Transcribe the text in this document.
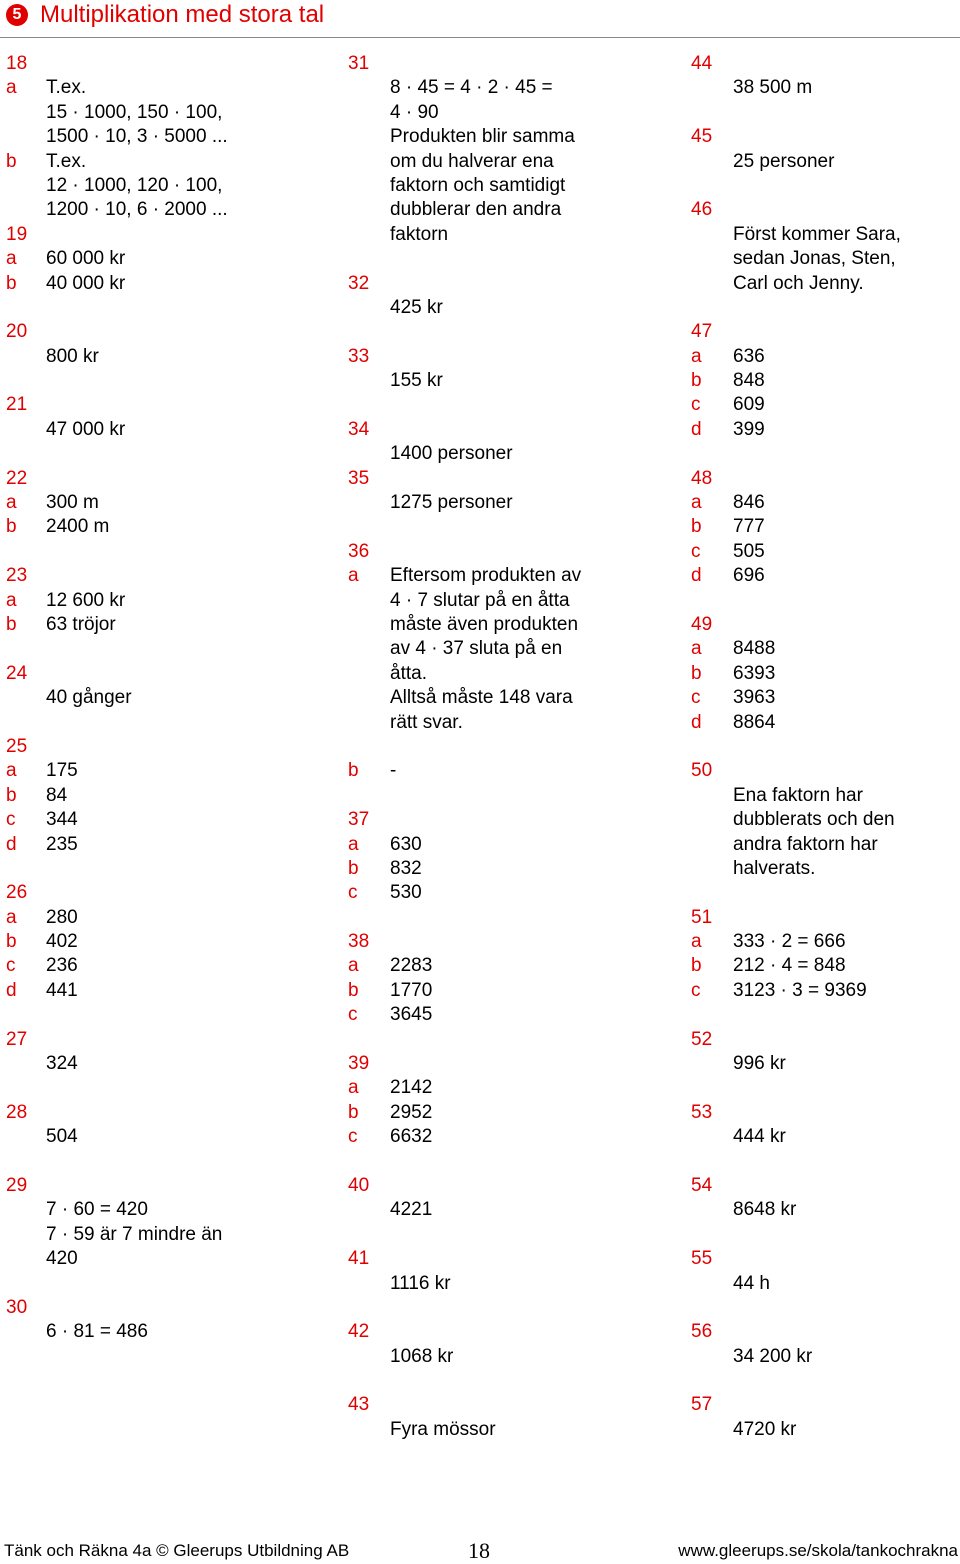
5 Multiplikation med stora tal
18
a T.ex.
15 · 1000, 150 · 100,
1500 · 10, 3 · 5000 ...
b T.ex.
12 · 1000, 120 · 100,
1200 · 10, 6 · 2000 ...
19
a 60 000 kr
b 40 000 kr
20
800 kr
21
47 000 kr
22
a 300 m
b 2400 m
23
a 12 600 kr
b 63 tröjor
24
40 gånger
25
a 175
b 84
c 344
d 235
26
a 280
b 402
c 236
d 441
27
324
28
504
29
7 · 60 = 420
7 · 59 är 7 mindre än
420
30
6 · 81 = 486
31
8 · 45 = 4 · 2 · 45 =
4 · 90
Produkten blir samma
om du halverar ena
faktorn och samtidigt
dubblerar den andra
faktorn
32
425 kr
33
155 kr
34
1400 personer
35
1275 personer
36
a Eftersom produkten av
4 · 7 slutar på en åtta
måste även produkten
av 4 · 37 sluta på en
åtta.
Alltså måste 148 vara
rätt svar.
b -
37
a 630
b 832
c 530
38
a 2283
b 1770
c 3645
39
a 2142
b 2952
c 6632
40
4221
41
1116 kr
42
1068 kr
43
Fyra mössor
44
38 500 m
45
25 personer
46
Först kommer Sara,
sedan Jonas, Sten,
Carl och Jenny.
47
a 636
b 848
c 609
d 399
48
a 846
b 777
c 505
d 696
49
a 8488
b 6393
c 3963
d 8864
50
Ena faktorn har
dubblerats och den
andra faktorn har
halverats.
51
a 333 · 2 = 666
b 212 · 4 = 848
c 3123 · 3 = 9369
52
996 kr
53
444 kr
54
8648 kr
55
44 h
56
34 200 kr
57
4720 kr
Tänk och Räkna 4a © Gleerups Utbildning AB	18	www.gleerups.se/skola/tankochrakna
